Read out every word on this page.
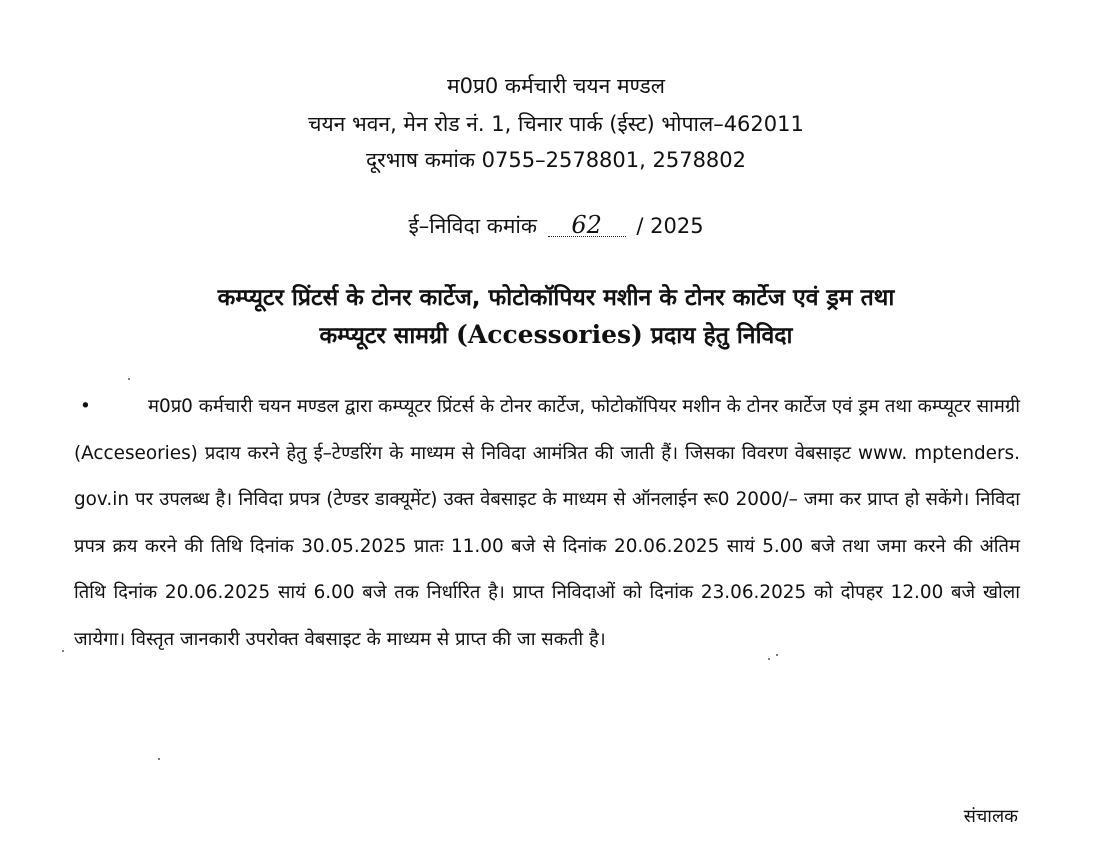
म0प्र0 कर्मचारी चयन मण्डल
चयन भवन, मेन रोड नं. 1, चिनार पार्क (ईस्ट) भोपाल–462011
दूरभाष कमांक 0755–2578801, 2578802
ई–निविदा कमांक 62 / 2025
कम्प्यूटर प्रिंटर्स के टोनर कार्टेज, फोटोकॉपियर मशीन के टोनर कार्टेज एवं ड्रम तथा
कम्प्यूटर सामग्री (Accessories) प्रदाय हेतु निविदा
•	म0प्र0 कर्मचारी चयन मण्डल द्वारा कम्प्यूटर प्रिंटर्स के टोनर कार्टेज, फोटोकॉपियर मशीन के टोनर कार्टेज एवं ड्रम तथा कम्प्यूटर सामग्री (Acceseories) प्रदाय करने हेतु ई–टेण्डरिंग के माध्यम से निविदा आमंत्रित की जाती हैं। जिसका विवरण वेबसाइट www. mptenders. gov.in पर उपलब्ध है। निविदा प्रपत्र (टेण्डर डाक्यूमेंट) उक्त वेबसाइट के माध्यम से ऑनलाईन रू0 2000/– जमा कर प्राप्त हो सकेंगे। निविदा प्रपत्र क्रय करने की तिथि दिनांक 30.05.2025 प्रातः 11.00 बजे से दिनांक 20.06.2025 सायं 5.00 बजे तथा जमा करने की अंतिम तिथि दिनांक 20.06.2025 सायं 6.00 बजे तक निर्धारित है। प्राप्त निविदाओं को दिनांक 23.06.2025 को दोपहर 12.00 बजे खोला जायेगा। विस्तृत जानकारी उपरोक्त वेबसाइट के माध्यम से प्राप्त की जा सकती है।
संचालक
